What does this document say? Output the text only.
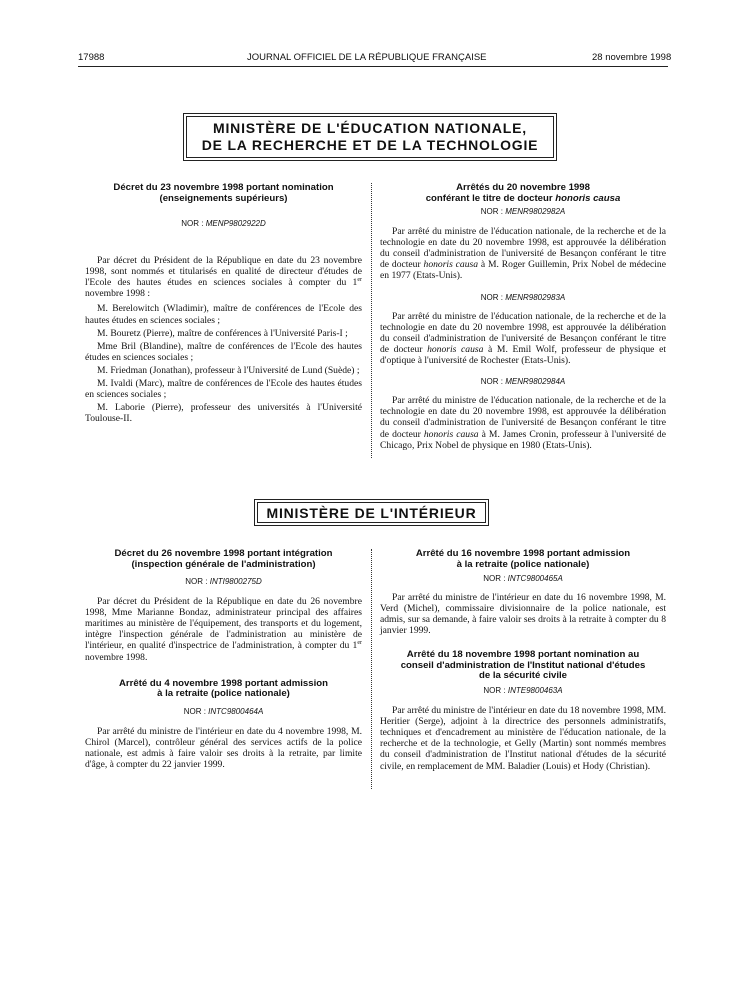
17988	JOURNAL OFFICIEL DE LA RÉPUBLIQUE FRANÇAISE	28 novembre 1998
MINISTÈRE DE L'ÉDUCATION NATIONALE,
DE LA RECHERCHE ET DE LA TECHNOLOGIE

Décret du 23 novembre 1998 portant nomination

(enseignements supérieurs)

NOR : MENP9802922D

Par décret du Président de la République en date du 23 novembre 1998, sont nommés et titularisés en qualité de directeur d'études de l'Ecole des hautes études en sciences sociales à compter du 1er novembre 1998 :

M. Berelowitch (Wladimir), maître de conférences de l'Ecole des hautes études en sciences sociales ;

M. Bouretz (Pierre), maître de conférences à l'Université Paris-I ;

Mme Bril (Blandine), maître de conférences de l'Ecole des hautes études en sciences sociales ;

M. Friedman (Jonathan), professeur à l'Université de Lund (Suède) ;

M. Ivaldi (Marc), maître de conférences de l'Ecole des hautes études en sciences sociales ;

M. Laborie (Pierre), professeur des universités à l'Université Toulouse-II.

Arrêtés du 20 novembre 1998

conférant le titre de docteur honoris causa

NOR : MENR9802982A

Par arrêté du ministre de l'éducation nationale, de la recherche et de la technologie en date du 20 novembre 1998, est approuvée la délibération du conseil d'administration de l'université de Besançon conférant le titre de docteur honoris causa à M. Roger Guillemin, Prix Nobel de médecine en 1977 (Etats-Unis).

NOR : MENR9802983A

Par arrêté du ministre de l'éducation nationale, de la recherche et de la technologie en date du 20 novembre 1998, est approuvée la délibération du conseil d'administration de l'université de Besançon conférant le titre de docteur honoris causa à M. Emil Wolf, professeur de physique et d'optique à l'université de Rochester (Etats-Unis).

NOR : MENR9802984A

Par arrêté du ministre de l'éducation nationale, de la recherche et de la technologie en date du 20 novembre 1998, est approuvée la délibération du conseil d'administration de l'université de Besançon conférant le titre de docteur honoris causa à M. James Cronin, professeur à l'université de Chicago, Prix Nobel de physique en 1980 (Etats-Unis).

MINISTÈRE DE L'INTÉRIEUR

Décret du 26 novembre 1998 portant intégration

(inspection générale de l'administration)

NOR : INTI9800275D

Par décret du Président de la République en date du 26 novembre 1998, Mme Marianne Bondaz, administrateur principal des affaires maritimes au ministère de l'équipement, des transports et du logement, intègre l'inspection générale de l'administration au ministère de l'intérieur, en qualité d'inspectrice de l'administration, à compter du 1er novembre 1998.

Arrêté du 4 novembre 1998 portant admission

à la retraite (police nationale)

NOR : INTC9800464A

Par arrêté du ministre de l'intérieur en date du 4 novembre 1998, M. Chirol (Marcel), contrôleur général des services actifs de la police nationale, est admis à faire valoir ses droits à la retraite, par limite d'âge, à compter du 22 janvier 1999.

Arrêté du 16 novembre 1998 portant admission

à la retraite (police nationale)

NOR : INTC9800465A

Par arrêté du ministre de l'intérieur en date du 16 novembre 1998, M. Verd (Michel), commissaire divisionnaire de la police nationale, est admis, sur sa demande, à faire valoir ses droits à la retraite à compter du 8 janvier 1999.

Arrêté du 18 novembre 1998 portant nomination au

conseil d'administration de l'Institut national d'études

de la sécurité civile

NOR : INTE9800463A

Par arrêté du ministre de l'intérieur en date du 18 novembre 1998, MM. Heritier (Serge), adjoint à la directrice des personnels administratifs, techniques et d'encadrement au ministère de l'éducation nationale, de la recherche et de la technologie, et Gelly (Martin) sont nommés membres du conseil d'administration de l'Institut national d'études de la sécurité civile, en remplacement de MM. Baladier (Louis) et Hody (Christian).
